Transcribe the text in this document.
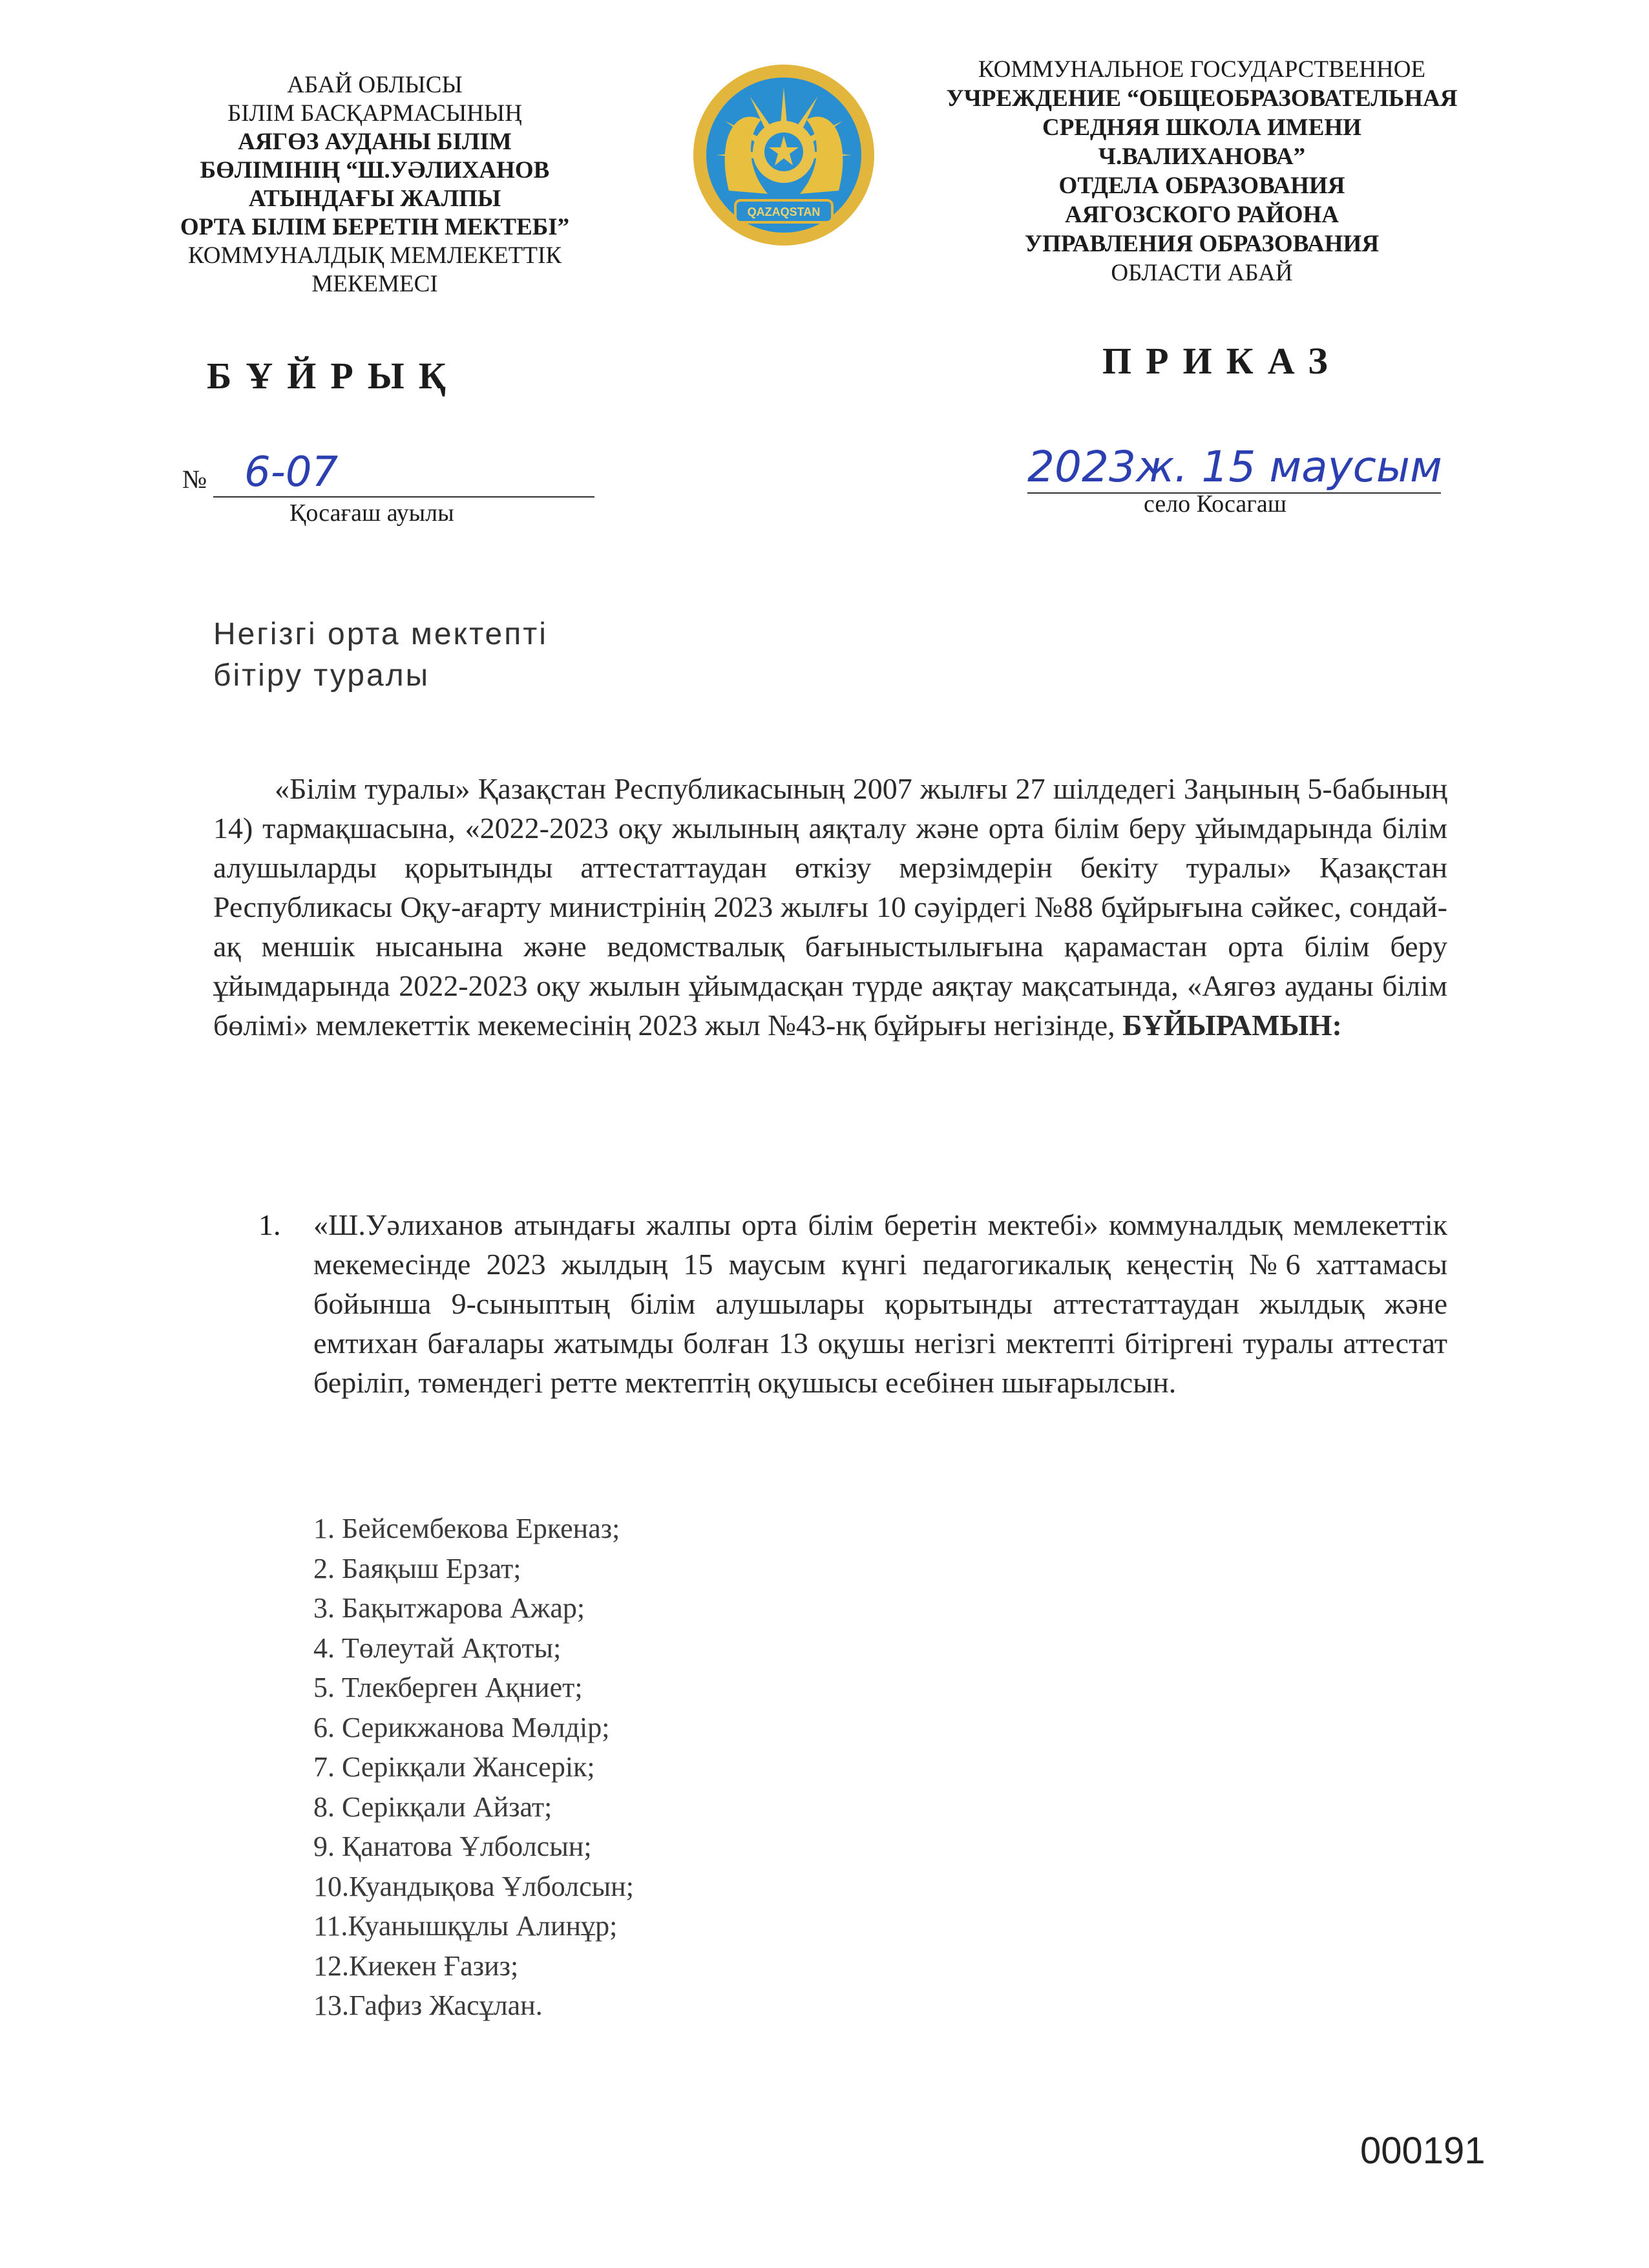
АБАЙ ОБЛЫСЫ
БІЛІМ БАСҚАРМАСЫНЫҢ
АЯГӨЗ АУДАНЫ БІЛІМ
БӨЛІМІНІҢ “Ш.УӘЛИХАНОВ
АТЫНДАҒЫ ЖАЛПЫ
ОРТА БІЛІМ БЕРЕТІН МЕКТЕБІ”
КОММУНАЛДЫҚ МЕМЛЕКЕТТІК
МЕКЕМЕСІ
QAZAQSTAN
КОММУНАЛЬНОЕ ГОСУДАРСТВЕННОЕ
УЧРЕЖДЕНИЕ “ОБЩЕОБРАЗОВАТЕЛЬНАЯ
СРЕДНЯЯ ШКОЛА ИМЕНИ
Ч.ВАЛИХАНОВА”
ОТДЕЛА ОБРАЗОВАНИЯ
АЯГОЗСКОГО РАЙОНА
УПРАВЛЕНИЯ ОБРАЗОВАНИЯ
ОБЛАСТИ АБАЙ
БҰЙРЫҚ	ПРИКАЗ
№ 6-07
Қосағаш ауылы
2023ж. 15 маусым
село Косагаш
Негізгі орта мектепті
бітіру туралы
«Білім туралы» Қазақстан Республикасының 2007 жылғы 27 шілдедегі Заңының 5-бабының 14) тармақшасына, «2022-2023 оқу жылының аяқталу және орта білім беру ұйымдарында білім алушыларды қорытынды аттестаттаудан өткізу мерзімдерін бекіту туралы» Қазақстан Республикасы Оқу-ағарту министрінің 2023 жылғы 10 сәуірдегі №88 бұйрығына сәйкес, сондай-ақ меншік нысанына және ведомствалық бағыныстылығына қарамастан орта білім беру ұйымдарында 2022-2023 оқу жылын ұйымдасқан түрде аяқтау мақсатында, «Аягөз ауданы білім бөлімі» мемлекеттік мекемесінің 2023 жыл №43-нқ бұйрығы негізінде, БҰЙЫРАМЫН:
1. «Ш.Уәлиханов атындағы жалпы орта білім беретін мектебі» коммуналдық мемлекеттік мекемесінде 2023 жылдың 15 маусым күнгі педагогикалық кеңестің №6 хаттамасы бойынша 9-сыныптың білім алушылары қорытынды аттестаттаудан жылдық және емтихан бағалары жатымды болған 13 оқушы негізгі мектепті бітіргені туралы аттестат беріліп, төмендегі ретте мектептің оқушысы есебінен шығарылсын.
1. Бейсембекова Еркеназ;
2. Баяқыш Ерзат;
3. Бақытжарова Ажар;
4. Төлеутай Ақтоты;
5. Тлекберген Ақниет;
6. Серикжанова Мөлдір;
7. Серікқали Жансерік;
8. Серікқали Айзат;
9. Қанатова Ұлболсын;
10.Куандықова Ұлболсын;
11.Куанышқұлы Алинұр;
12.Киекен Ғазиз;
13.Гафиз Жасұлан.
000191
